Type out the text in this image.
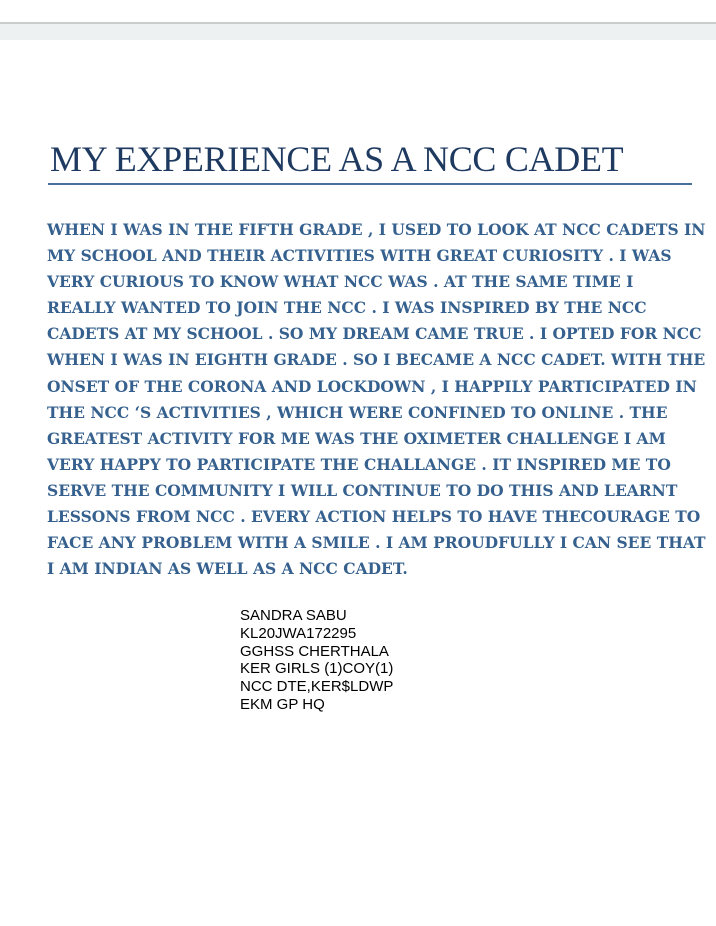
MY EXPERIENCE AS A NCC CADET
WHEN I WAS IN THE FIFTH GRADE , I USED TO LOOK AT NCC CADETS IN
MY SCHOOL AND THEIR ACTIVITIES WITH GREAT CURIOSITY . I WAS
VERY CURIOUS TO KNOW WHAT NCC WAS . AT THE SAME TIME I
REALLY WANTED TO JOIN THE NCC . I WAS INSPIRED BY THE NCC
CADETS AT MY SCHOOL . SO MY DREAM CAME TRUE . I OPTED FOR NCC
WHEN I WAS IN EIGHTH GRADE . SO I BECAME A NCC CADET. WITH THE
ONSET OF THE CORONA AND LOCKDOWN , I HAPPILY PARTICIPATED IN
THE NCC ‘S ACTIVITIES , WHICH WERE CONFINED TO ONLINE . THE
GREATEST ACTIVITY FOR ME WAS THE OXIMETER CHALLENGE I AM
VERY HAPPY TO PARTICIPATE THE CHALLANGE . IT INSPIRED ME TO
SERVE THE COMMUNITY I WILL CONTINUE TO DO THIS AND LEARNT
LESSONS FROM NCC . EVERY ACTION HELPS TO HAVE THECOURAGE TO
FACE ANY PROBLEM WITH A SMILE . I AM PROUDFULLY I CAN SEE THAT
I AM INDIAN AS WELL AS A NCC CADET.
SANDRA SABU
KL20JWA172295
GGHSS CHERTHALA
KER GIRLS (1)COY(1)
NCC DTE,KER$LDWP
EKM GP HQ
